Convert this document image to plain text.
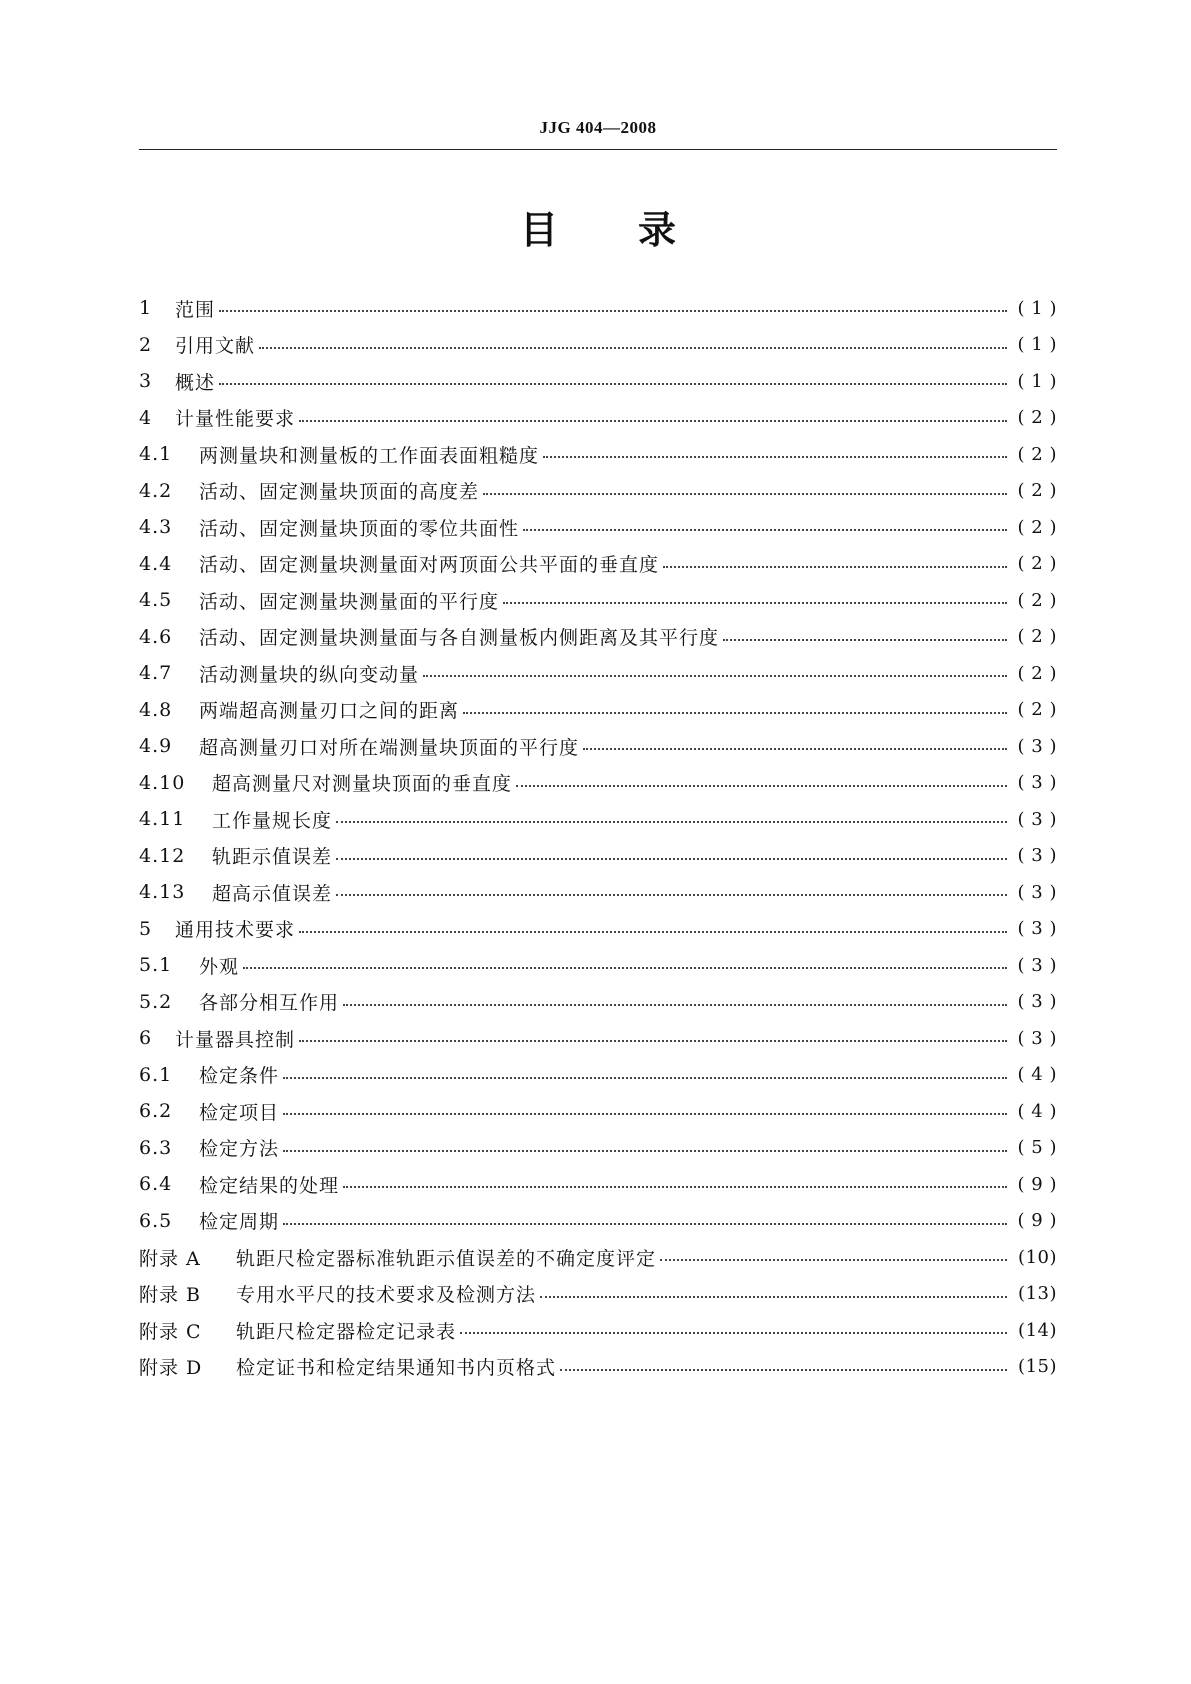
JJG 404—2008
目 录
1	范围	( 1 )
2	引用文献	( 1 )
3	概述	( 1 )
4	计量性能要求	( 2 )
4.1	两测量块和测量板的工作面表面粗糙度	( 2 )
4.2	活动、固定测量块顶面的高度差	( 2 )
4.3	活动、固定测量块顶面的零位共面性	( 2 )
4.4	活动、固定测量块测量面对两顶面公共平面的垂直度	( 2 )
4.5	活动、固定测量块测量面的平行度	( 2 )
4.6	活动、固定测量块测量面与各自测量板内侧距离及其平行度	( 2 )
4.7	活动测量块的纵向变动量	( 2 )
4.8	两端超高测量刃口之间的距离	( 2 )
4.9	超高测量刃口对所在端测量块顶面的平行度	( 3 )
4.10	超高测量尺对测量块顶面的垂直度	( 3 )
4.11	工作量规长度	( 3 )
4.12	轨距示值误差	( 3 )
4.13	超高示值误差	( 3 )
5	通用技术要求	( 3 )
5.1	外观	( 3 )
5.2	各部分相互作用	( 3 )
6	计量器具控制	( 3 )
6.1	检定条件	( 4 )
6.2	检定项目	( 4 )
6.3	检定方法	( 5 )
6.4	检定结果的处理	( 9 )
6.5	检定周期	( 9 )
附录 A	轨距尺检定器标准轨距示值误差的不确定度评定	(10)
附录 B	专用水平尺的技术要求及检测方法	(13)
附录 C	轨距尺检定器检定记录表	(14)
附录 D	检定证书和检定结果通知书内页格式	(15)
